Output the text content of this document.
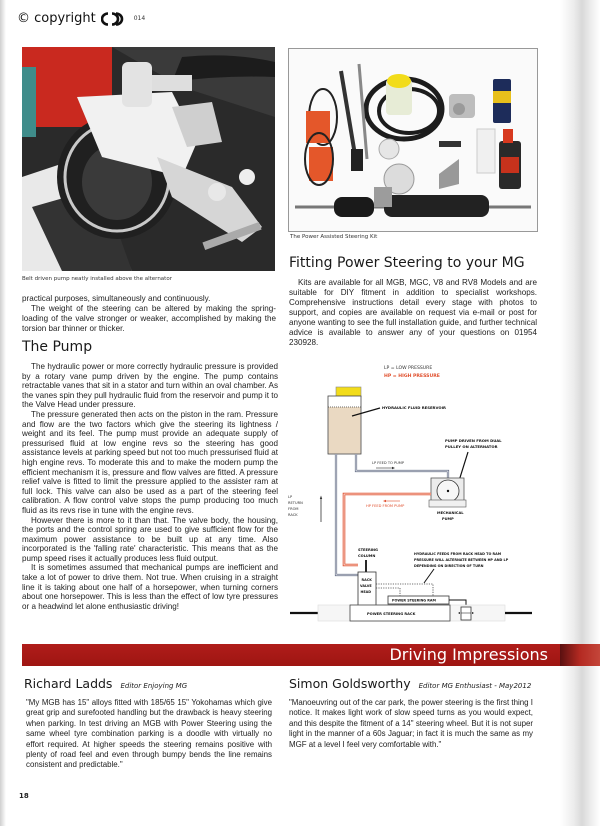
© copyright	014
Belt driven pump neatly installed above the alternator
The Power Assisted Steering Kit

practical purposes, simultaneously and continuously.

The weight of the steering can be altered by making the spring-loading of the valve stronger or weaker, accomplished by making the torsion bar thinner or thicker.

The Pump

The hydraulic power or more correctly hydraulic pressure is provided by a rotary vane pump driven by the engine. The pump contains retractable vanes that sit in a stator and turn within an oval chamber. As the vanes spin they pull hydraulic fluid from the reservoir and pump it to the Valve Head under pressure.

The pressure generated then acts on the piston in the ram. Pressure and flow are the two factors which give the steering its lightness / weight and its feel. The pump must provide an adequate supply of pressurised fluid at low engine revs so the steering has good assistance levels at parking speed but not too much pressurised fluid at high engine revs. To moderate this and to make the modern pump the efficient mechanism it is, pressure and flow valves are fitted. A pressure relief valve is fitted to limit the pressure applied to the assister ram at full lock. This valve can also be used as a part of the steering feel calibration. A flow control valve stops the pump producing too much fluid as its revs rise in tune with the engine revs.

However there is more to it than that. The valve body, the housing, the ports and the control spring are used to give sufficient flow for the maximum power assistance to be built up at any time. Also incorporated is the 'falling rate' characteristic. This means that as the pump speed rises it actually produces less fluid output.

It is sometimes assumed that mechanical pumps are inefficient and take a lot of power to drive them. Not true. When cruising in a straight line it is taking about one half of a horsepower, when turning corners about one horsepower. This is less than the effect of low tyre pressures or a headwind let alone enthusiastic driving!

Fitting Power Steering to your MG

Kits are available for all MGB, MGC, V8 and RV8 Models and are suitable for DIY fitment in addition to specialist workshops. Comprehensive instructions detail every stage with photos to support, and copies are available on request via e-mail or post for anyone wanting to see the full installation guide, and further technical advice is available to answer any of your questions on 01954 230928.

LP = LOW PRESSURE
HP = HIGH PRESSURE
HYDRAULIC FLUID RESERVOIR
PUMP DRIVEN FROM DUAL
PULLEY ON ALTERNATOR
LP FEED TO PUMP
MECHANICAL
PUMP
HP FEED FROM PUMP
LP
RETURN
FROM
RACK
STEERING
COLUMN	HYDRAULIC FEEDS FROM RACK HEAD TO RAM
PRESSURE WILL ALTERNATE BETWEEN HP AND LP
DEPENDING ON DIRECTION OF TURN
RACK
VALVE
HEAD
POWER STEERING RAM
POWER STEERING RACK
Driving Impressions
Richard Ladds Editor Enjoying MG	Simon Goldsworthy Editor MG Enthusiast - May2012
"My MGB has 15" alloys fitted with 185/65 15" Yokohamas which give great grip and surefooted handling but the drawback is heavy steering when parking. In test driving an MGB with Power Steering using the same wheel tyre combination parking is a doodle with virtually no effort required. At higher speeds the steering remains positive with plenty of road feel and even through bumpy bends the line remains consistent and predictable."
"Manoeuvring out of the car park, the power steering is the first thing I notice. It makes light work of slow speed turns as you would expect, and this despite the fitment of a 14" steering wheel. But it is not super light in the manner of a 60s Jaguar; in fact it is much the same as my MGF at a level I feel very comfortable with."
18
